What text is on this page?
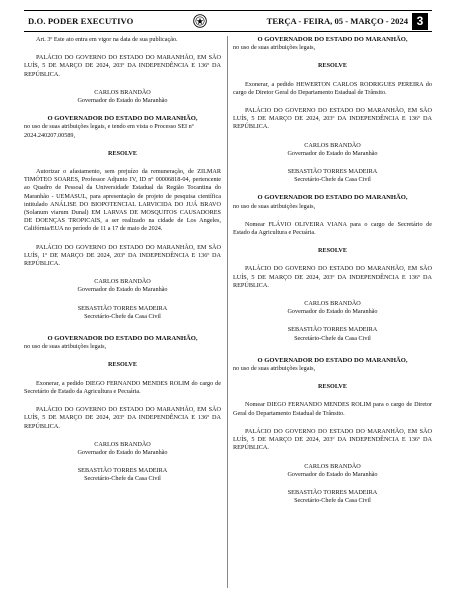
D.O. PODER EXECUTIVO	TERÇA - FEIRA, 05 - MARÇO - 2024 3

Art. 3º Este ato entra em vigor na data de sua publicação.

PALÁCIO DO GOVERNO DO ESTADO DO MARANHÃO, EM SÃO LUÍS, 5 DE MARÇO DE 2024, 203º DA INDEPENDÊNCIA E 136º DA REPÚBLICA.

CARLOS BRANDÃO

Governador do Estado do Maranhão

O GOVERNADOR DO ESTADO DO MARANHÃO,

no uso de suas atribuições legais, e tendo em vista o Processo SEI nº 2024.240207.00589,

RESOLVE

Autorizar o afastamento, sem prejuízo da remuneração, de ZILMAR TIMÓTEO SOARES, Professor Adjunto IV, ID nº 00006818-04, pertencente ao Quadro de Pessoal da Universidade Estadual da Região Tocantina do Maranhão - UEMASUL, para apresentação de projeto de pesquisa científica intitulado ANÁLISE DO BIOPOTENCIAL LARVICIDA DO JUÁ BRAVO (Solanum viarum Dunal) EM LARVAS DE MOSQUITOS CAUSADORES DE DOENÇAS TROPICAIS, a ser realizado na cidade de Los Angeles, Califórnia/EUA no período de 11 a 17 de maio de 2024.

PALÁCIO DO GOVERNO DO ESTADO DO MARANHÃO, EM SÃO LUÍS, 1º DE MARÇO DE 2024, 203º DA INDEPENDÊNCIA E 136º DA REPÚBLICA.

CARLOS BRANDÃO

Governador do Estado do Maranhão

SEBASTIÃO TORRES MADEIRA

Secretário-Chefe da Casa Civil

O GOVERNADOR DO ESTADO DO MARANHÃO,

no uso de suas atribuições legais,

RESOLVE

Exonerar, a pedido DIEGO FERNANDO MENDES ROLIM do cargo de Secretário de Estado da Agricultura e Pecuária.

PALÁCIO DO GOVERNO DO ESTADO DO MARANHÃO, EM SÃO LUÍS, 5 DE MARÇO DE 2024, 203º DA INDEPENDÊNCIA E 136º DA REPÚBLICA.

CARLOS BRANDÃO

Governador do Estado do Maranhão

SEBASTIÃO TORRES MADEIRA

Secretário-Chefe da Casa Civil

O GOVERNADOR DO ESTADO DO MARANHÃO,

no uso de suas atribuições legais,

RESOLVE

Exonerar, a pedido HEWERTON CARLOS RODRIGUES PEREIRA do cargo de Diretor Geral do Departamento Estadual de Trânsito.

PALÁCIO DO GOVERNO DO ESTADO DO MARANHÃO, EM SÃO LUÍS, 5 DE MARÇO DE 2024, 203º DA INDEPENDÊNCIA E 136º DA REPÚBLICA.

CARLOS BRANDÃO

Governador do Estado do Maranhão

SEBASTIÃO TORRES MADEIRA

Secretário-Chefe da Casa Civil

O GOVERNADOR DO ESTADO DO MARANHÃO,

no uso de suas atribuições legais,

Nomear FLÁVIO OLIVEIRA VIANA para o cargo de Secretário de Estado da Agricultura e Pecuária.

RESOLVE

PALÁCIO DO GOVERNO DO ESTADO DO MARANHÃO, EM SÃO LUÍS, 5 DE MARÇO DE 2024, 203º DA INDEPENDÊNCIA E 136º DA REPÚBLICA.

CARLOS BRANDÃO

Governador do Estado do Maranhão

SEBASTIÃO TORRES MADEIRA

Secretário-Chefe da Casa Civil

O GOVERNADOR DO ESTADO DO MARANHÃO,

no uso de suas atribuições legais,

RESOLVE

Nomear DIEGO FERNANDO MENDES ROLIM para o cargo de Diretor Geral do Departamento Estadual de Trânsito.

PALÁCIO DO GOVERNO DO ESTADO DO MARANHÃO, EM SÃO LUÍS, 5 DE MARÇO DE 2024, 203º DA INDEPENDÊNCIA E 136º DA REPÚBLICA.

CARLOS BRANDÃO

Governador do Estado do Maranhão

SEBASTIÃO TORRES MADEIRA

Secretário-Chefe da Casa Civil
